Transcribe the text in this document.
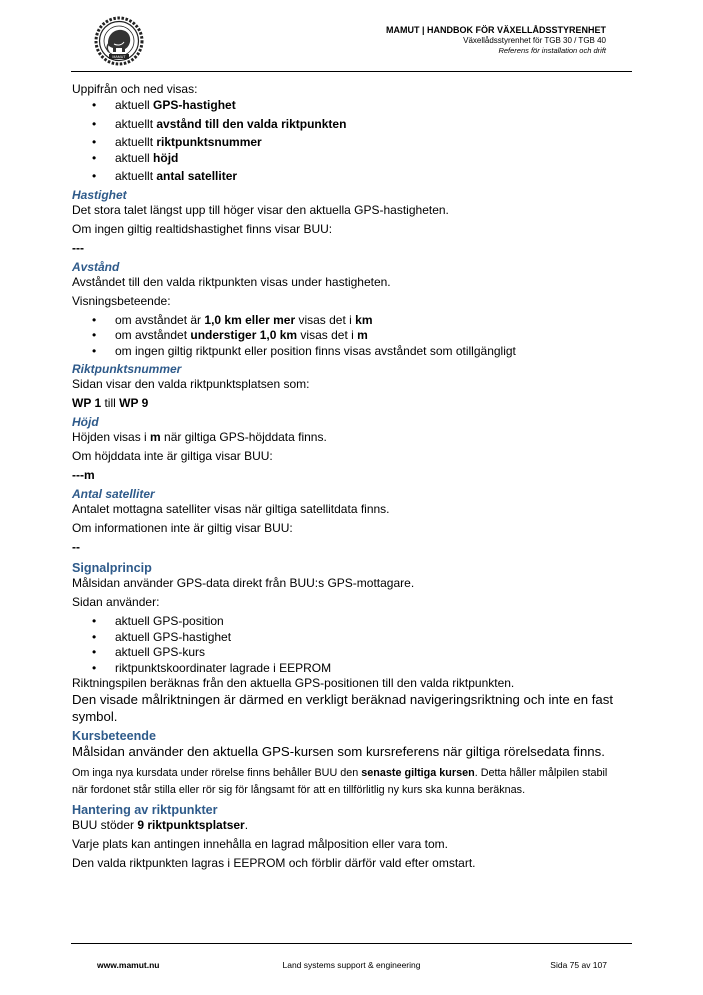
MAMUT
MAMUT | HANDBOK FÖR VÄXELLÅDSSTYRENHET
Växellådsstyrenhet för TGB 30 / TGB 40
Referens för installation och drift

Uppifrån och ned visas:

• aktuell GPS-hastighet
• aktuellt avstånd till den valda riktpunkten
• aktuellt riktpunktsnummer
• aktuell höjd
• aktuellt antal satelliter
Hastighet

Det stora talet längst upp till höger visar den aktuella GPS-hastigheten.

Om ingen giltig realtidshastighet finns visar BUU:

---

Avstånd

Avståndet till den valda riktpunkten visas under hastigheten.

Visningsbeteende:

• om avståndet är 1,0 km eller mer visas det i km
• om avståndet understiger 1,0 km visas det i m
• om ingen giltig riktpunkt eller position finns visas avståndet som otillgängligt
Riktpunktsnummer

Sidan visar den valda riktpunktsplatsen som:

WP 1 till WP 9

Höjd

Höjden visas i m när giltiga GPS-höjddata finns.

Om höjddata inte är giltiga visar BUU:

---m

Antal satelliter

Antalet mottagna satelliter visas när giltiga satellitdata finns.

Om informationen inte är giltig visar BUU:

--

Signalprincip

Målsidan använder GPS-data direkt från BUU:s GPS-mottagare.

Sidan använder:

• aktuell GPS-position
• aktuell GPS-hastighet
• aktuell GPS-kurs
• riktpunktskoordinater lagrade i EEPROM

Riktningspilen beräknas från den aktuella GPS-positionen till den valda riktpunkten.

Den visade målriktningen är därmed en verkligt beräknad navigeringsriktning och inte en fast symbol.

Kursbeteende

Målsidan använder den aktuella GPS-kursen som kursreferens när giltiga rörelsedata finns.

Om inga nya kursdata under rörelse finns behåller BUU den senaste giltiga kursen. Detta håller målpilen stabil när fordonet står stilla eller rör sig för långsamt för att en tillförlitlig ny kurs ska kunna beräknas.

Hantering av riktpunkter

BUU stöder 9 riktpunktsplatser.

Varje plats kan antingen innehålla en lagrad målposition eller vara tom.

Den valda riktpunkten lagras i EEPROM och förblir därför vald efter omstart.

www.mamut.nu	Land systems support & engineering	Sida 75 av 107
